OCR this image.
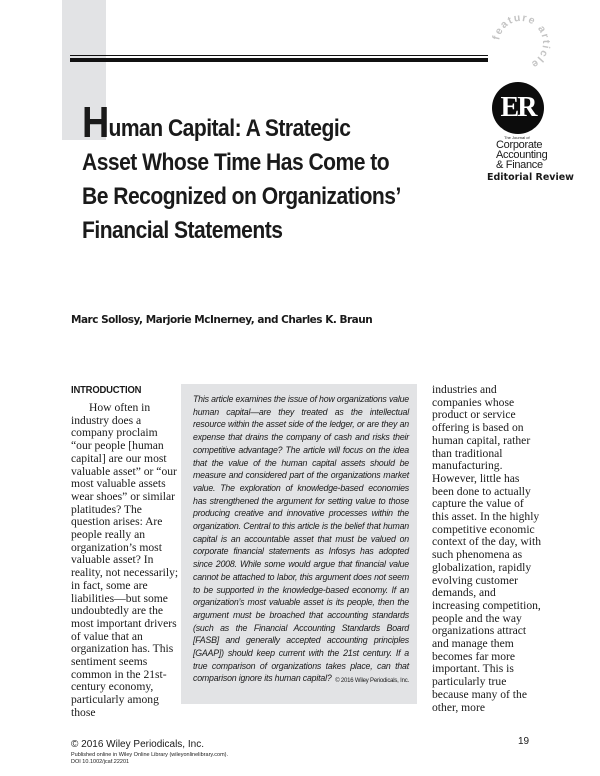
feature article
ER
The Journal of
Corporate
Accounting
& Finance
Editorial Review
Human Capital: A Strategic
Asset Whose Time Has Come to
Be Recognized on Organizations’
Financial Statements
Marc Sollosy, Marjorie McInerney, and Charles K. Braun
INTRODUCTION
How often in industry does a company proclaim “our people [human capital] are our most valuable asset” or “our most valuable assets wear shoes” or similar platitudes? The question arises: Are people really an organization’s most valuable asset? In reality, not necessarily; in fact, some are liabilities—but some undoubtedly are the most important drivers of value that an organization has. This sentiment seems common in the 21st-century economy, particularly among those
This article examines the issue of how organizations value human capital—are they treated as the intellectual resource within the asset side of the ledger, or are they an expense that drains the company of cash and risks their competitive advantage? The article will focus on the idea that the value of the human capital assets should be measure and considered part of the organizations market value. The exploration of knowledge-based economies has strengthened the argument for setting value to those producing creative and innovative processes within the organization. Central to this article is the belief that human capital is an accountable asset that must be valued on corporate financial statements as Infosys has adopted since 2008. While some would argue that financial value cannot be attached to labor, this argument does not seem to be supported in the knowledge-based economy. If an organization’s most valuable asset is its people, then the argument must be broached that accounting standards (such as the Financial Accounting Standards Board [FASB] and generally accepted accounting principles [GAAP]) should keep current with the 21st century. If a true comparison of organizations takes place, can that comparison ignore its human capital? © 2016 Wiley Periodicals, Inc.
industries and companies whose product or service offering is based on human capital, rather than traditional manufacturing. However, little has been done to actually capture the value of this asset. In the highly competitive economic context of the day, with such phenomena as globalization, rapidly evolving customer demands, and increasing competition, people and the way organizations attract and manage them becomes far more important. This is particularly true because many of the other, more
© 2016 Wiley Periodicals, Inc.
Published online in Wiley Online Library (wileyonlinelibrary.com).
DOI 10.1002/jcaf.22201
19
